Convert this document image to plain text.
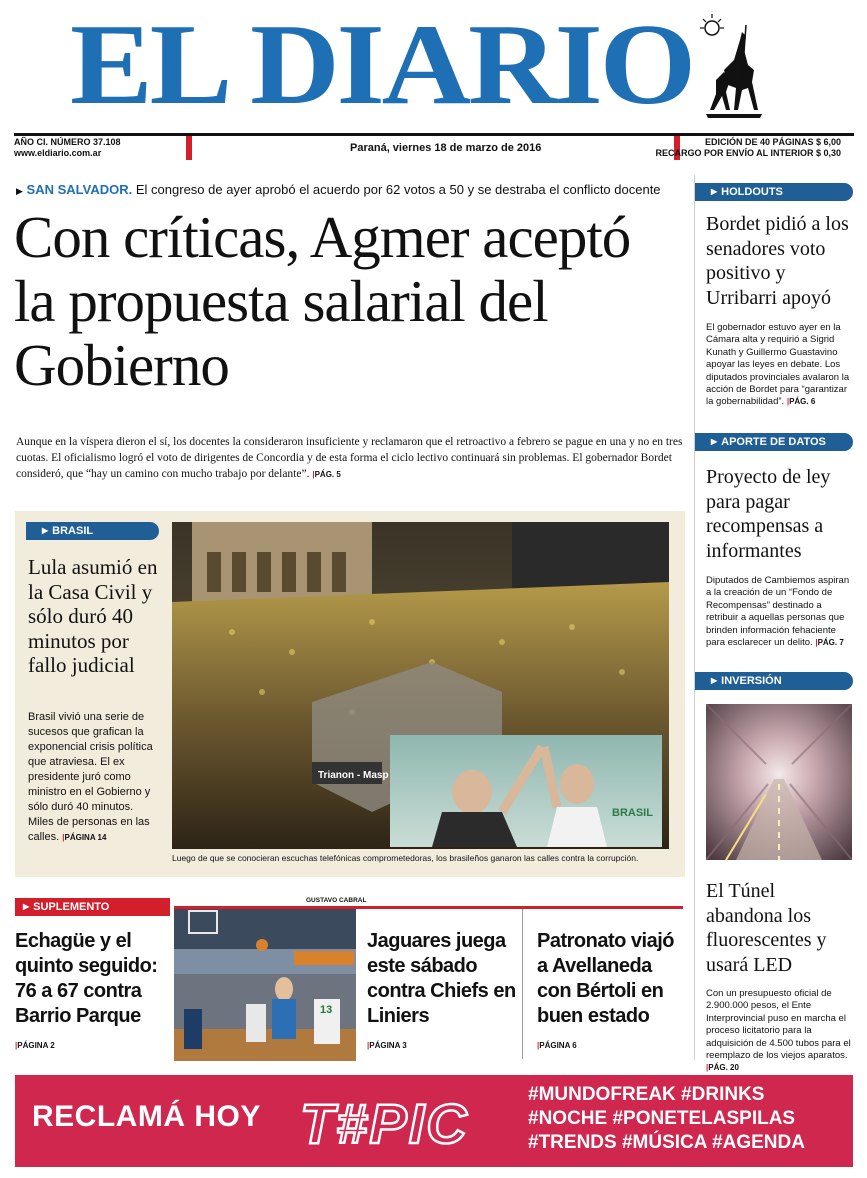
EL DIARIO
AÑO CI. NÚMERO 37.108
www.eldiario.com.ar	Paraná, viernes 18 de marzo de 2016	EDICIÓN DE 40 PÁGINAS $ 6,00
RECARGO POR ENVÍO AL INTERIOR $ 0,30
▶ SAN SALVADOR. El congreso de ayer aprobó el acuerdo por 62 votos a 50 y se destraba el conflicto docente
Con críticas, Agmer aceptó la propuesta salarial del Gobierno
Aunque en la víspera dieron el sí, los docentes la consideraron insuficiente y reclamaron que el retroactivo a febrero se pague en una y no en tres cuotas. El oficialismo logró el voto de dirigentes de Concordia y de esta forma el ciclo lectivo continuará sin problemas. El gobernador Bordet consideró, que “hay un camino con mucho trabajo por delante”. | PÁG. 5
▶ BRASIL
Lula asumió en la Casa Civil y sólo duró 40 minutos por fallo judicial
Brasil vivió una serie de sucesos que grafican la exponencial crisis política que atraviesa. El ex presidente juró como ministro en el Gobierno y sólo duró 40 minutos. Miles de personas en las calles. | PÁGINA 14
Trianon - Masp
BRASIL
Luego de que se conocieran escuchas telefónicas comprometedoras, los brasileños ganaron las calles contra la corrupción.
▶ SUPLEMENTO DEPORTES
GUSTAVO CABRAL
Echagüe y el quinto seguido: 76 a 67 contra Barrio Parque
| PÁGINA 2
13
Jaguares juega este sábado contra Chiefs en Liniers
| PÁGINA 3
Patronato viajó a Avellaneda con Bértoli en buen estado
| PÁGINA 6
▶ HOLDOUTS
Bordet pidió a los senadores voto positivo y Urribarri apoyó
El gobernador estuvo ayer en la Cámara alta y requirió a Sigrid Kunath y Guillermo Guastavino apoyar las leyes en debate. Los diputados provinciales avalaron la acción de Bordet para “garantizar la gobernabilidad”. | PÁG. 6
▶ APORTE DE DATOS
Proyecto de ley para pagar recompensas a informantes
Diputados de Cambiemos aspiran a la creación de un “Fondo de Recompensas” destinado a retribuir a aquellas personas que brinden información fehaciente para esclarecer un delito. | PÁG. 7
▶ INVERSIÓN
El Túnel abandona los fluorescentes y usará LED
Con un presupuesto oficial de 2.900.000 pesos, el Ente Interprovincial puso en marcha el proceso licitatorio para la adquisición de 4.500 tubos para el reemplazo de los viejos aparatos. | PÁG. 20
RECLAMÁ HOY T#PIC	#MUNDOFREAK #DRINKS
#NOCHE #PONETELASPILAS
#TRENDS #MÚSICA #AGENDA
